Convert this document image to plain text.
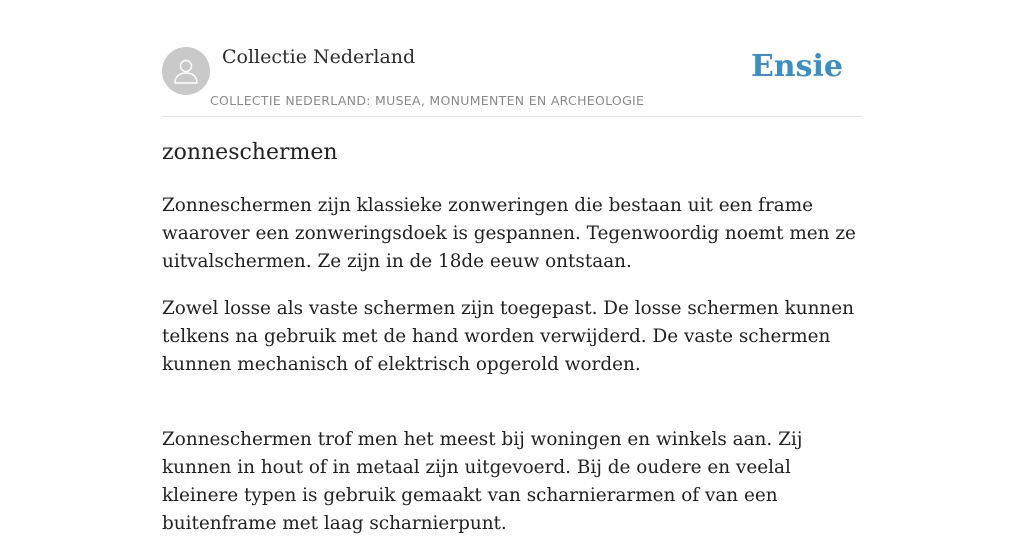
Collectie Nederland
COLLECTIE NEDERLAND: MUSEA, MONUMENTEN EN ARCHEOLOGIE
Ensie
zonneschermen

Zonneschermen zijn klassieke zonweringen die bestaan uit een frame waarover een zonweringsdoek is gespannen. Tegenwoordig noemt men ze uitvalschermen. Ze zijn in de 18de eeuw ontstaan.

Zowel losse als vaste schermen zijn toegepast. De losse schermen kunnen telkens na gebruik met de hand worden verwijderd. De vaste schermen kunnen mechanisch of elektrisch opgerold worden.

Zonneschermen trof men het meest bij woningen en winkels aan. Zij kunnen in hout of in metaal zijn uitgevoerd. Bij de oudere en veelal kleinere typen is gebruik gemaakt van scharnierarmen of van een buitenframe met laag scharnierpunt.
